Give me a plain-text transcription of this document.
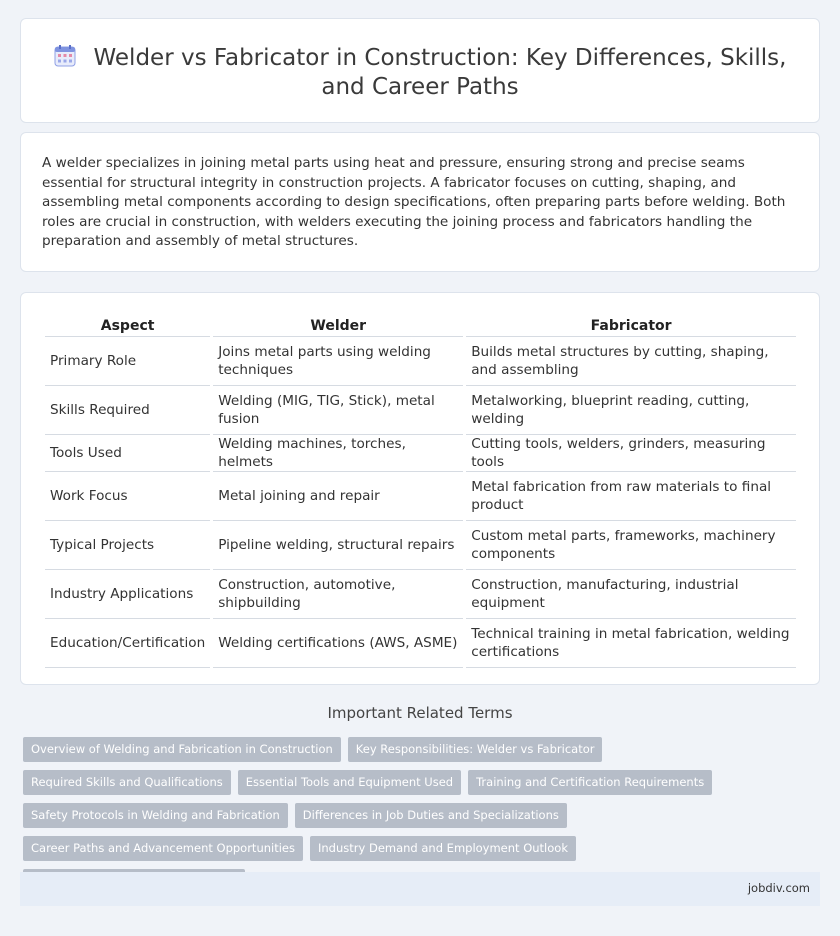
Welder vs Fabricator in Construction: Key Differences, Skills, and Career Paths

A welder specializes in joining metal parts using heat and pressure, ensuring strong and precise seams essential for structural integrity in construction projects. A fabricator focuses on cutting, shaping, and assembling metal components according to design specifications, often preparing parts before welding. Both roles are crucial in construction, with welders executing the joining process and fabricators handling the preparation and assembly of metal structures.

Aspect	Welder	Fabricator
Primary Role	Joins metal parts using welding techniques	Builds metal structures by cutting, shaping, and assembling
Skills Required	Welding (MIG, TIG, Stick), metal fusion	Metalworking, blueprint reading, cutting, welding
Tools Used	Welding machines, torches, helmets	Cutting tools, welders, grinders, measuring tools
Work Focus	Metal joining and repair	Metal fabrication from raw materials to final product
Typical Projects	Pipeline welding, structural repairs	Custom metal parts, frameworks, machinery components
Industry Applications	Construction, automotive, shipbuilding	Construction, manufacturing, industrial equipment
Education/Certification	Welding certifications (AWS, ASME)	Technical training in metal fabrication, welding certifications
Important Related Terms
Overview of Welding and Fabrication in Construction	Key Responsibilities: Welder vs Fabricator
Required Skills and Qualifications	Essential Tools and Equipment Used	Training and Certification Requirements
Safety Protocols in Welding and Fabrication	Differences in Job Duties and Specializations
Career Paths and Advancement Opportunities	Industry Demand and Employment Outlook
jobdiv.com
